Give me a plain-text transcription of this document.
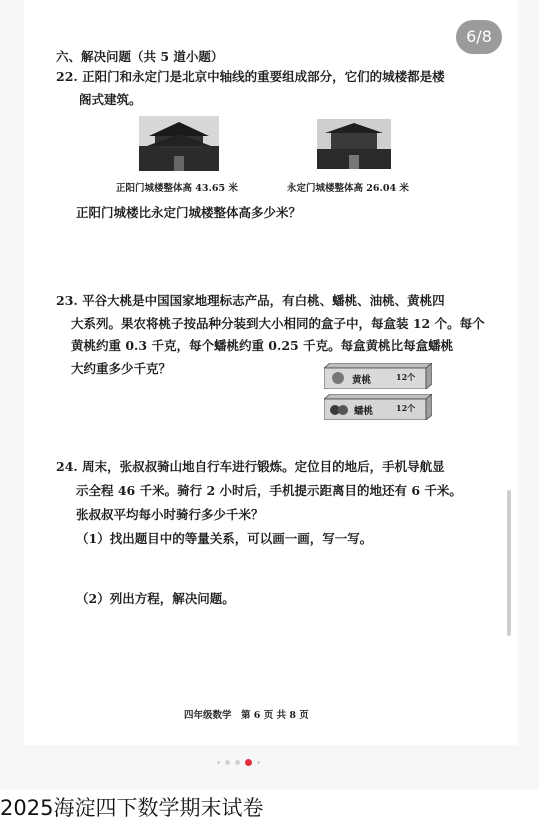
六、解决问题（共 5 道小题）
22. 正阳门和永定门是北京中轴线的重要组成部分，它们的城楼都是楼
阁式建筑。
正阳门城楼整体高 43.65 米	永定门城楼整体高 26.04 米
正阳门城楼比永定门城楼整体高多少米？
23. 平谷大桃是中国国家地理标志产品，有白桃、蟠桃、油桃、黄桃四
大系列。果农将桃子按品种分装到大小相同的盒子中，每盒装 12 个。每个
黄桃约重 0.3 千克，每个蟠桃约重 0.25 千克。每盒黄桃比每盒蟠桃
大约重多少千克？
黄桃	12个
蟠桃	12个
24. 周末，张叔叔骑山地自行车进行锻炼。定位目的地后，手机导航显
示全程 46 千米。骑行 2 小时后，手机提示距离目的地还有 6 千米。
张叔叔平均每小时骑行多少千米？
（1）找出题目中的等量关系，可以画一画，写一写。
（2）列出方程，解决问题。
四年级数学　第 6 页 共 8 页
6/8
2025海淀四下数学期末试卷
